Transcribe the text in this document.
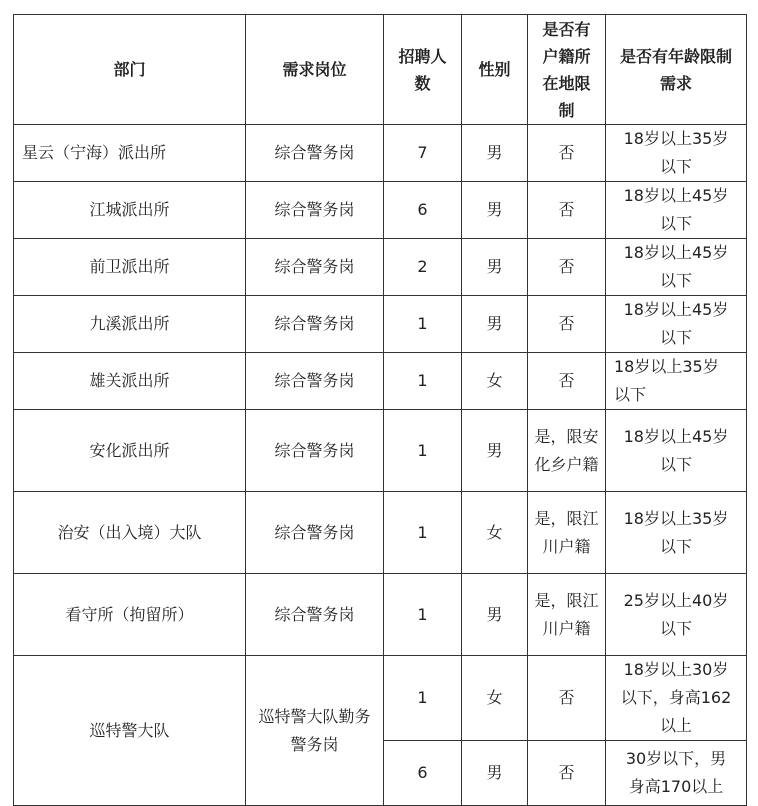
部门	需求岗位	招聘人数	性别	是否有户籍所在地限制	是否有年龄限制需求
星云（宁海）派出所	综合警务岗	7	男	否	18岁以上35岁以下
江城派出所	综合警务岗	6	男	否	18岁以上45岁以下
前卫派出所	综合警务岗	2	男	否	18岁以上45岁以下
九溪派出所	综合警务岗	1	男	否	18岁以上45岁以下
雄关派出所	综合警务岗	1	女	否	18岁以上35岁以下
安化派出所	综合警务岗	1	男	是，限安化乡户籍	18岁以上45岁以下
治安（出入境）大队	综合警务岗	1	女	是，限江川户籍	18岁以上35岁以下
看守所（拘留所）	综合警务岗	1	男	是，限江川户籍	25岁以上40岁以下
巡特警大队	巡特警大队勤务警务岗	1	女	否	18岁以上30岁以下，身高162以上
		6	男	否	30岁以下，男身高170以上
